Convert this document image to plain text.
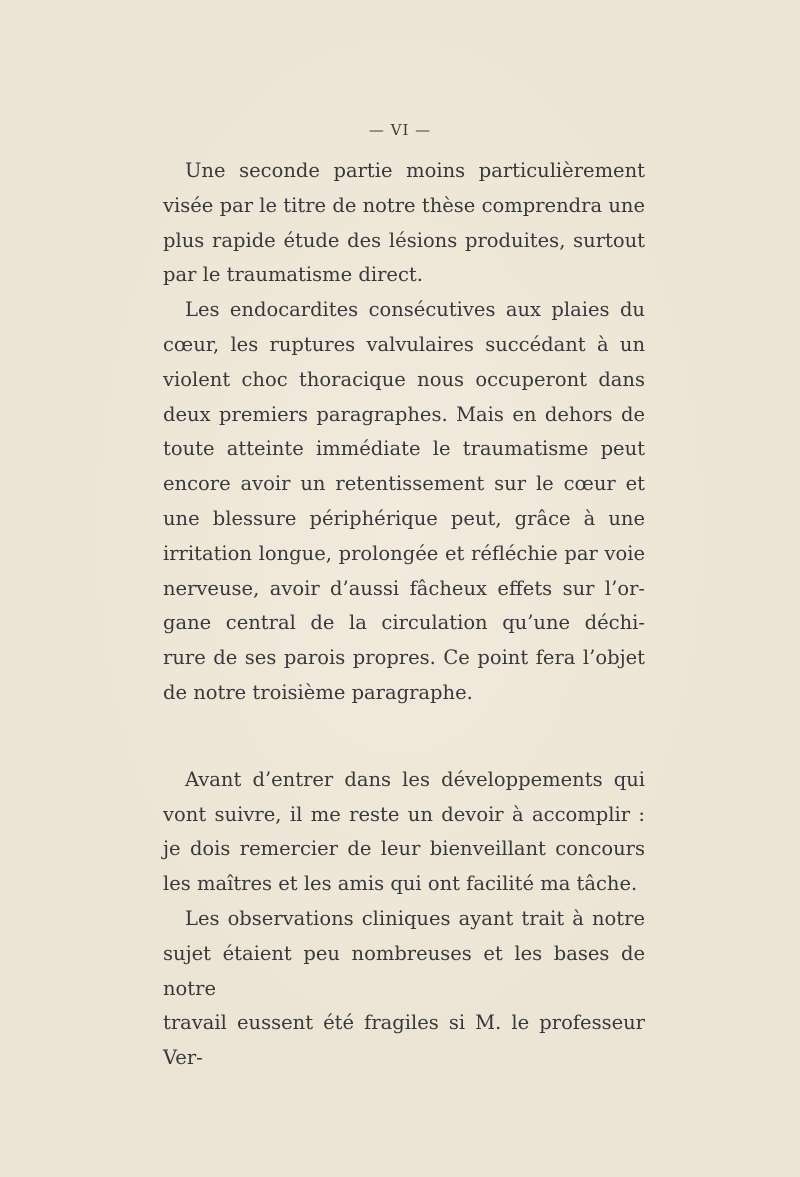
— VI —

Une seconde partie moins particulièrement
visée par le titre de notre thèse comprendra une
plus rapide étude des lésions produites, surtout
par le traumatisme direct.

Les endocardites consécutives aux plaies du
cœur, les ruptures valvulaires succédant à un
violent choc thoracique nous occuperont dans
deux premiers paragraphes. Mais en dehors de
toute atteinte immédiate le traumatisme peut
encore avoir un retentissement sur le cœur et
une blessure périphérique peut, grâce à une
irritation longue, prolongée et réfléchie par voie
nerveuse, avoir d’aussi fâcheux effets sur l’or-
gane central de la circulation qu’une déchi-
rure de ses parois propres. Ce point fera l’objet
de notre troisième paragraphe.

Avant d’entrer dans les développements qui
vont suivre, il me reste un devoir à accomplir :
je dois remercier de leur bienveillant concours
les maîtres et les amis qui ont facilité ma tâche.

Les observations cliniques ayant trait à notre
sujet étaient peu nombreuses et les bases de notre
travail eussent été fragiles si M. le professeur Ver-
